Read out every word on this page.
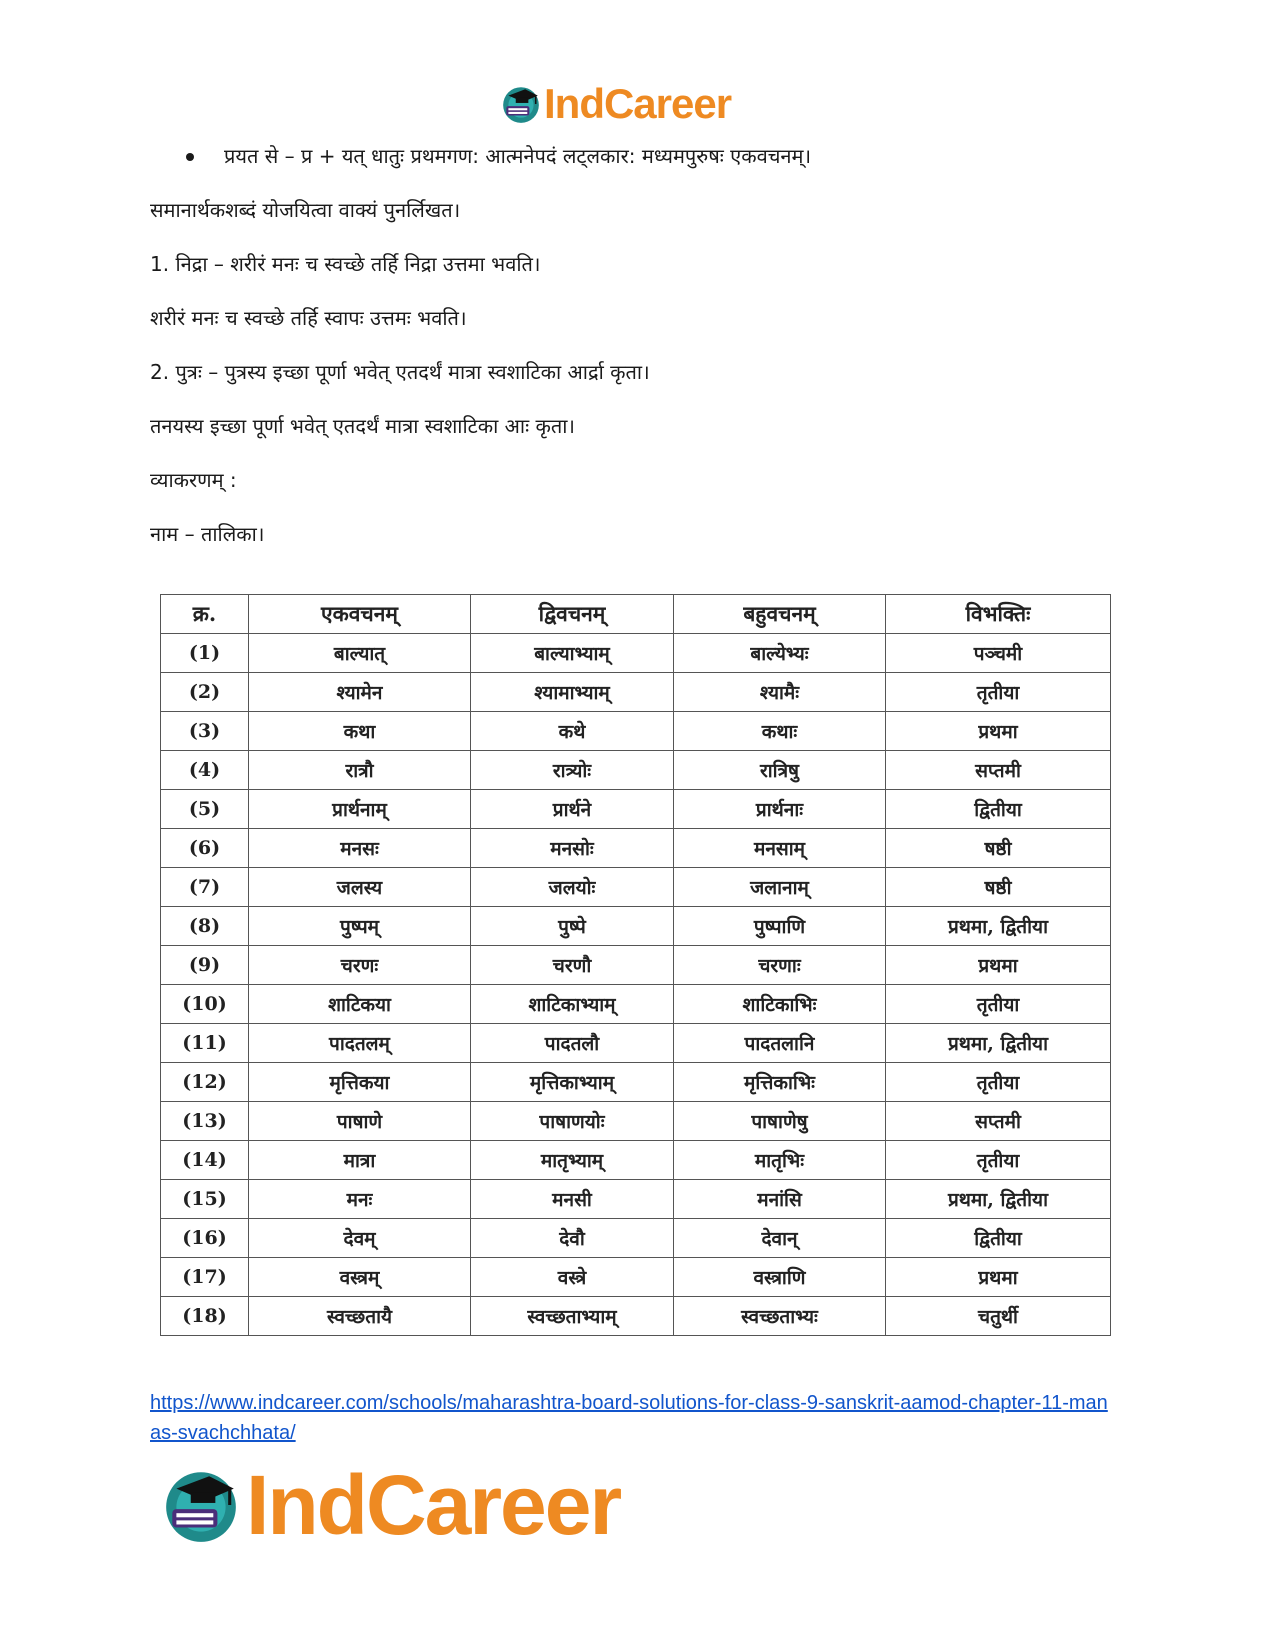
IndCareer
प्रयत से – प्र + यत् धातुः प्रथमगण: आत्मनेपदं लट्लकार: मध्यमपुरुषः एकवचनम्।
समानार्थकशब्दं योजयित्वा वाक्यं पुनर्लिखत।
1. निद्रा – शरीरं मनः च स्वच्छे तर्हि निद्रा उत्तमा भवति।
शरीरं मनः च स्वच्छे तर्हि स्वापः उत्तमः भवति।
2. पुत्रः – पुत्रस्य इच्छा पूर्णा भवेत् एतदर्थं मात्रा स्वशाटिका आर्द्रा कृता।
तनयस्य इच्छा पूर्णा भवेत् एतदर्थं मात्रा स्वशाटिका आः कृता।
व्याकरणम् :
नाम – तालिका।
क्र.	एकवचनम्	द्विवचनम्	बहुवचनम्	विभक्तिः
(1)	बाल्यात्	बाल्याभ्याम्	बाल्येभ्यः	पञ्चमी
(2)	श्यामेन	श्यामाभ्याम्	श्यामैः	तृतीया
(3)	कथा	कथे	कथाः	प्रथमा
(4)	रात्रौ	रात्र्योः	रात्रिषु	सप्तमी
(5)	प्रार्थनाम्	प्रार्थने	प्रार्थनाः	द्वितीया
(6)	मनसः	मनसोः	मनसाम्	षष्ठी
(7)	जलस्य	जलयोः	जलानाम्	षष्ठी
(8)	पुष्पम्	पुष्पे	पुष्पाणि	प्रथमा, द्वितीया
(9)	चरणः	चरणौ	चरणाः	प्रथमा
(10)	शाटिकया	शाटिकाभ्याम्	शाटिकाभिः	तृतीया
(11)	पादतलम्	पादतलौ	पादतलानि	प्रथमा, द्वितीया
(12)	मृत्तिकया	मृत्तिकाभ्याम्	मृत्तिकाभिः	तृतीया
(13)	पाषाणे	पाषाणयोः	पाषाणेषु	सप्तमी
(14)	मात्रा	मातृभ्याम्	मातृभिः	तृतीया
(15)	मनः	मनसी	मनांसि	प्रथमा, द्वितीया
(16)	देवम्	देवौ	देवान्	द्वितीया
(17)	वस्त्रम्	वस्त्रे	वस्त्राणि	प्रथमा
(18)	स्वच्छतायै	स्वच्छताभ्याम्	स्वच्छताभ्यः	चतुर्थी
https://www.indcareer.com/schools/maharashtra-board-solutions-for-class-9-sanskrit-aamod-chapter-11-manas-svachchhata/
IndCareer
